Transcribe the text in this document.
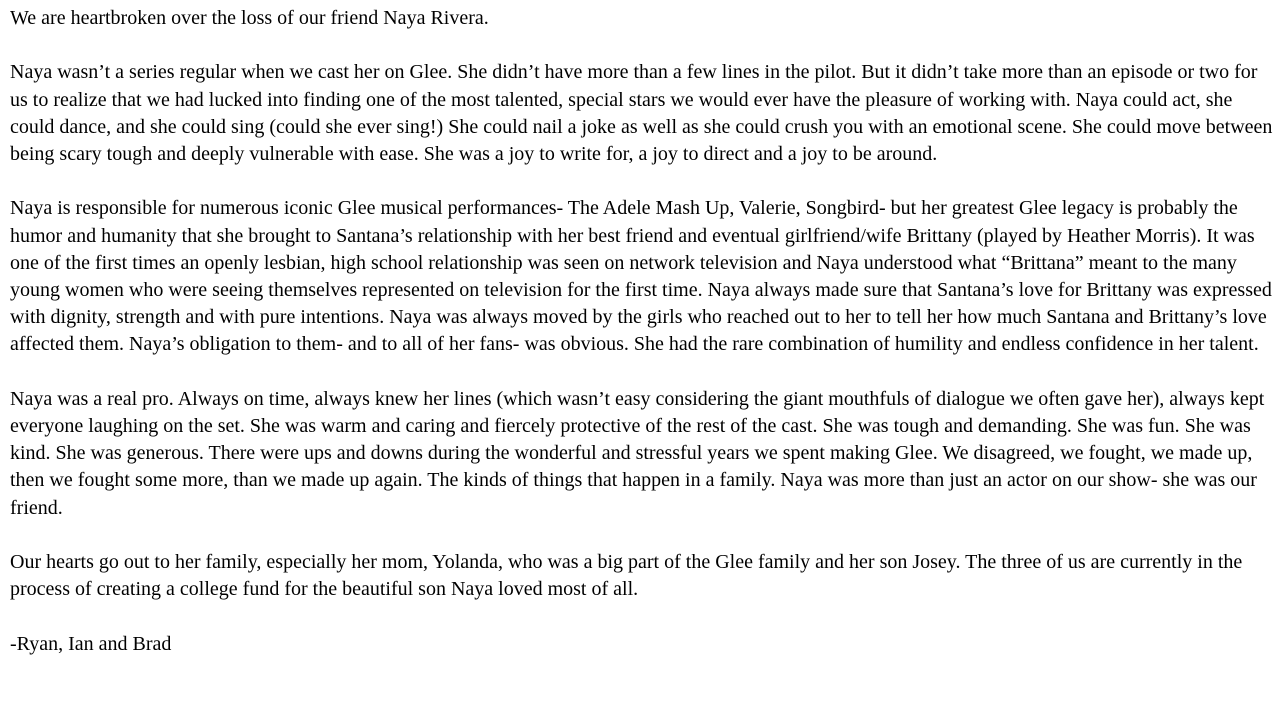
We are heartbroken over the loss of our friend Naya Rivera.

Naya wasn’t a series regular when we cast her on Glee. She didn’t have more than a few lines in the pilot. But it didn’t take more than an episode or two for us to realize that we had lucked into finding one of the most talented, special stars we would ever have the pleasure of working with. Naya could act, she could dance, and she could sing (could she ever sing!) She could nail a joke as well as she could crush you with an emotional scene. She could move between being scary tough and deeply vulnerable with ease. She was a joy to write for, a joy to direct and a joy to be around.

Naya is responsible for numerous iconic Glee musical performances- The Adele Mash Up, Valerie, Songbird- but her greatest Glee legacy is probably the humor and humanity that she brought to Santana’s relationship with her best friend and eventual girlfriend/wife Brittany (played by Heather Morris). It was one of the first times an openly lesbian, high school relationship was seen on network television and Naya understood what “Brittana” meant to the many young women who were seeing themselves represented on television for the first time. Naya always made sure that Santana’s love for Brittany was expressed with dignity, strength and with pure intentions. Naya was always moved by the girls who reached out to her to tell her how much Santana and Brittany’s love affected them. Naya’s obligation to them- and to all of her fans- was obvious. She had the rare combination of humility and endless confidence in her talent.

Naya was a real pro. Always on time, always knew her lines (which wasn’t easy considering the giant mouthfuls of dialogue we often gave her), always kept everyone laughing on the set. She was warm and caring and fiercely protective of the rest of the cast. She was tough and demanding. She was fun. She was kind. She was generous. There were ups and downs during the wonderful and stressful years we spent making Glee. We disagreed, we fought, we made up, then we fought some more, than we made up again. The kinds of things that happen in a family. Naya was more than just an actor on our show- she was our friend.

Our hearts go out to her family, especially her mom, Yolanda, who was a big part of the Glee family and her son Josey. The three of us are currently in the process of creating a college fund for the beautiful son Naya loved most of all.

-Ryan, Ian and Brad
